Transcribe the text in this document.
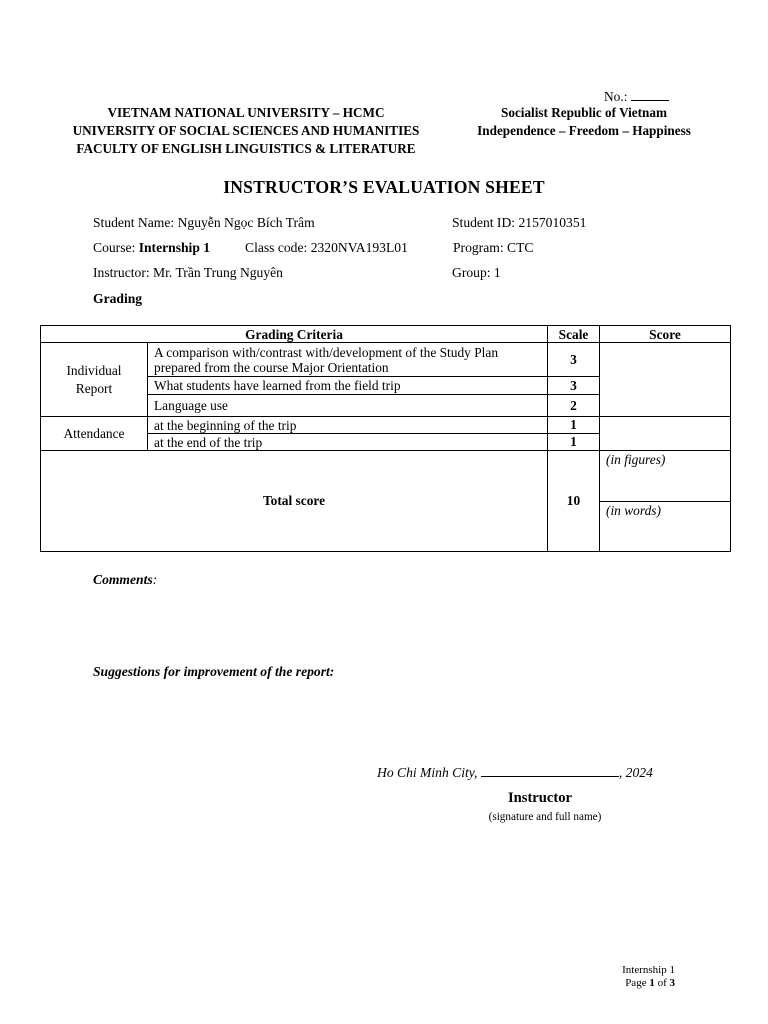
No.:
VIETNAM NATIONAL UNIVERSITY – HCMC
UNIVERSITY OF SOCIAL SCIENCES AND HUMANITIES
FACULTY OF ENGLISH LINGUISTICS & LITERATURE
Socialist Republic of Vietnam
Independence – Freedom – Happiness
INSTRUCTOR’S EVALUATION SHEET
Student Name: Nguyễn Ngọc Bích Trâm	Student ID: 2157010351
Course: Internship 1	Class code: 2320NVA193L01	Program: CTC
Instructor: Mr. Trần Trung Nguyên	Group: 1
Grading
Grading Criteria		Scale	Score

Individual
Report	A comparison with/contrast with/development of the Study Plan prepared from the course Major Orientation	3	
	What students have learned from the field trip	3	
	Language use	2	

Attendance	at the beginning of the trip	1	
	at the end of the trip	1	
Total score		10	(in figures)

			(in words)
Comments:
Suggestions for improvement of the report:
Ho Chi Minh City,	, 2024
Instructor
(signature and full name)
Internship 1
Page 1 of 3
